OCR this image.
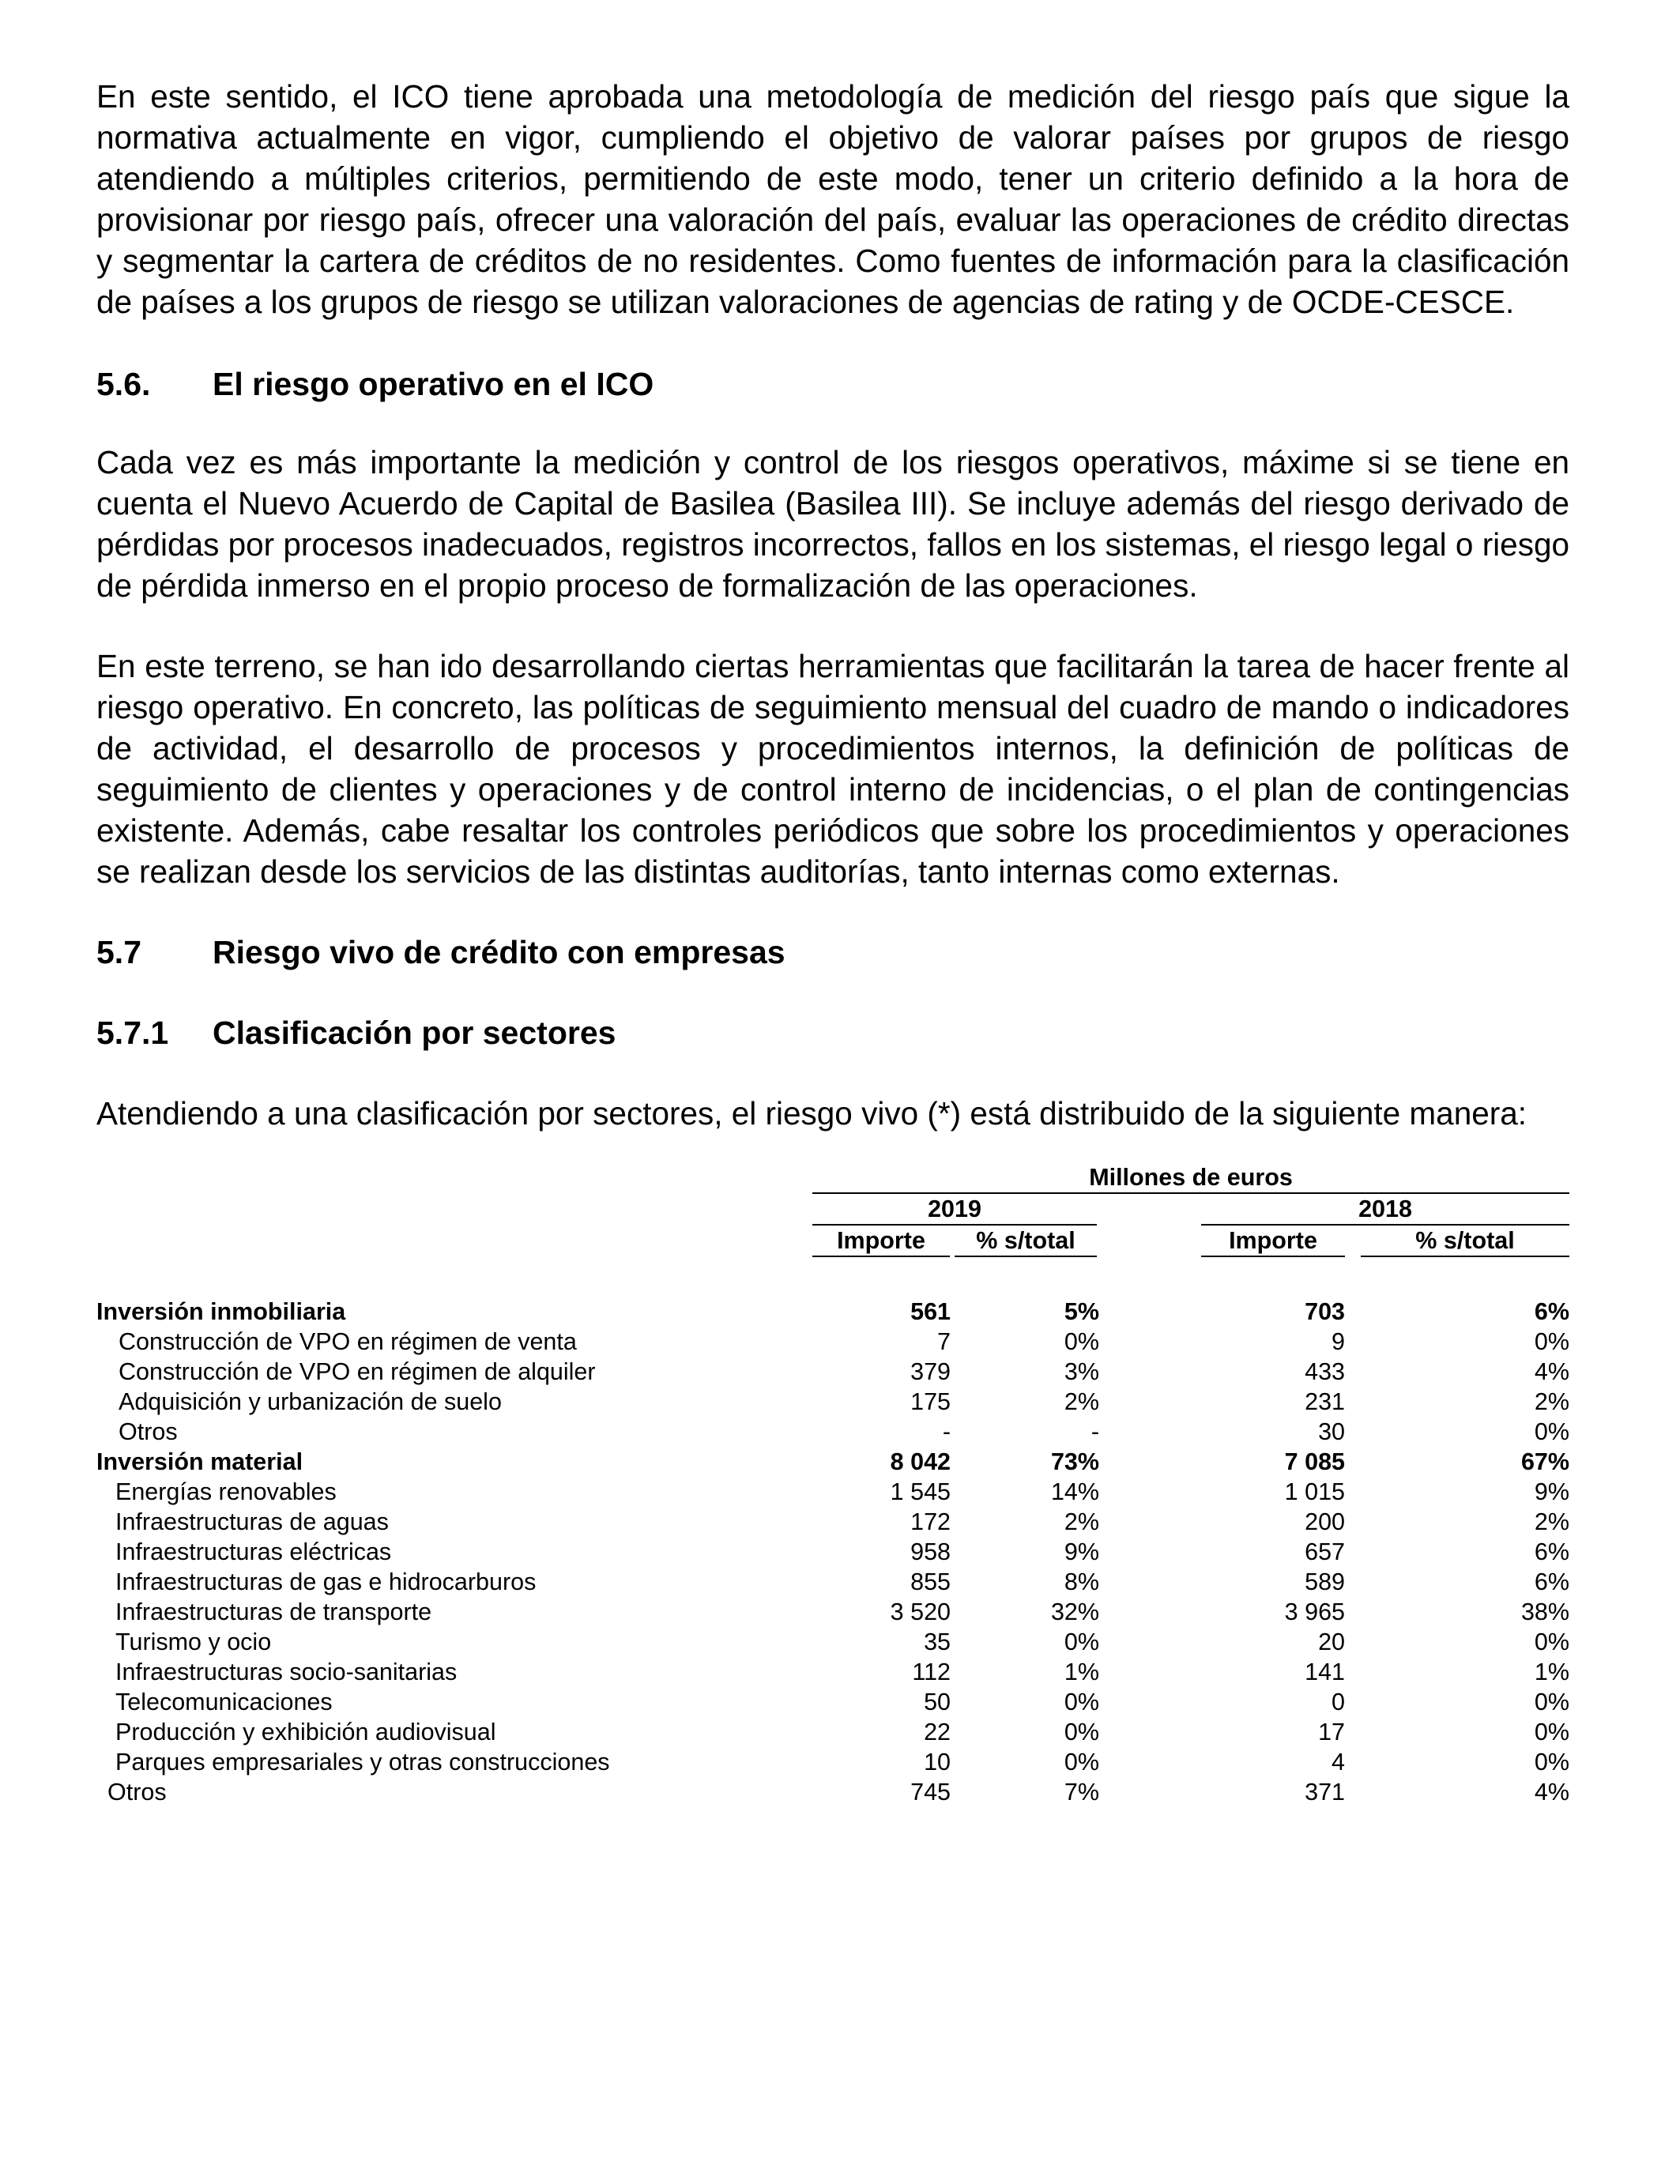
En este sentido, el ICO tiene aprobada una metodología de medición del riesgo país que sigue la normativa actualmente en vigor, cumpliendo el objetivo de valorar países por grupos de riesgo atendiendo a múltiples criterios, permitiendo de este modo, tener un criterio definido a la hora de provisionar por riesgo país, ofrecer una valoración del país, evaluar las operaciones de crédito directas y segmentar la cartera de créditos de no residentes. Como fuentes de información para la clasificación de países a los grupos de riesgo se utilizan valoraciones de agencias de rating y de OCDE-CESCE.

5.6.	El riesgo operativo en el ICO

Cada vez es más importante la medición y control de los riesgos operativos, máxime si se tiene en cuenta el Nuevo Acuerdo de Capital de Basilea (Basilea III). Se incluye además del riesgo derivado de pérdidas por procesos inadecuados, registros incorrectos, fallos en los sistemas, el riesgo legal o riesgo de pérdida inmerso en el propio proceso de formalización de las operaciones.

En este terreno, se han ido desarrollando ciertas herramientas que facilitarán la tarea de hacer frente al riesgo operativo. En concreto, las políticas de seguimiento mensual del cuadro de mando o indicadores de actividad, el desarrollo de procesos y procedimientos internos, la definición de políticas de seguimiento de clientes y operaciones y de control interno de incidencias, o el plan de contingencias existente. Además, cabe resaltar los controles periódicos que sobre los procedimientos y operaciones se realizan desde los servicios de las distintas auditorías, tanto internas como externas.

5.7	Riesgo vivo de crédito con empresas
5.7.1	Clasificación por sectores

Atendiendo a una clasificación por sectores, el riesgo vivo (*) está distribuido de la siguiente manera:

Millones de euros
2019	2018
Importe	% s/total	Importe	% s/total
Inversión inmobiliaria	561	5%	703	6%
Construcción de VPO en régimen de venta	7	0%	9	0%
Construcción de VPO en régimen de alquiler	379	3%	433	4%
Adquisición y urbanización de suelo	175	2%	231	2%
Otros	-	-	30	0%
Inversión material	8 042	73%	7 085	67%
Energías renovables	1 545	14%	1 015	9%
Infraestructuras de aguas	172	2%	200	2%
Infraestructuras eléctricas	958	9%	657	6%
Infraestructuras de gas e hidrocarburos	855	8%	589	6%
Infraestructuras de transporte	3 520	32%	3 965	38%
Turismo y ocio	35	0%	20	0%
Infraestructuras socio-sanitarias	112	1%	141	1%
Telecomunicaciones	50	0%	0	0%
Producción y exhibición audiovisual	22	0%	17	0%
Parques empresariales y otras construcciones	10	0%	4	0%
Otros	745	7%	371	4%
